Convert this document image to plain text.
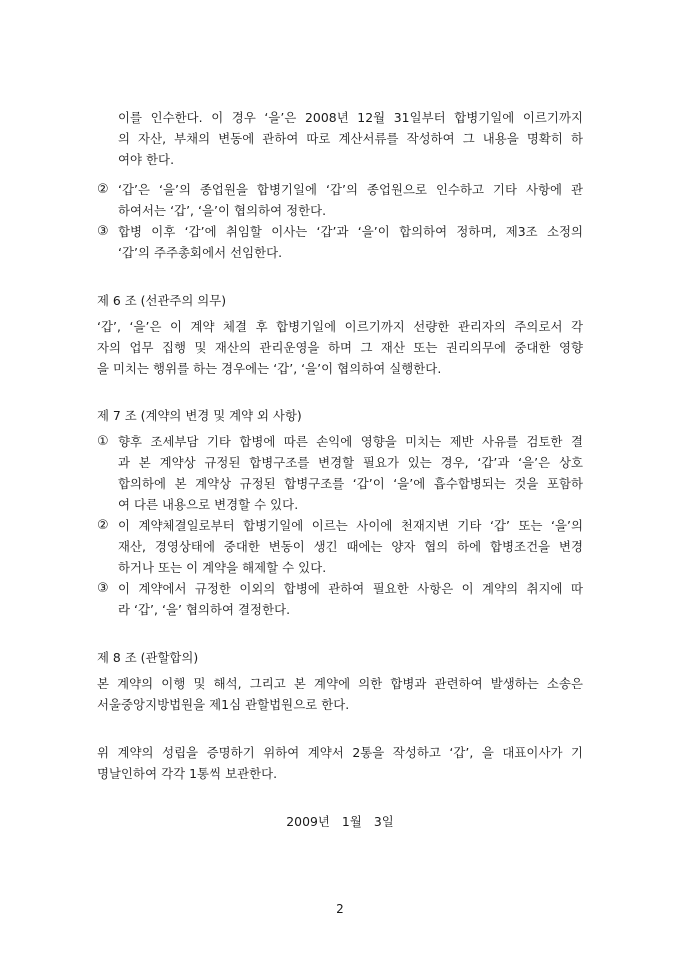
이를 인수한다. 이 경우 ‘을’은 2008년 12월 31일부터 합병기일에 이르기까지
의 자산, 부채의 변동에 관하여 따로 계산서류를 작성하여 그 내용을 명확히 하
여야 한다.
② ‘갑’은 ‘을’의 종업원을 합병기일에 ‘갑’의 종업원으로 인수하고 기타 사항에 관
하여서는 ‘갑’, ‘을’이 협의하여 정한다.
③ 합병 이후 ‘갑’에 취임할 이사는 ‘갑’과 ‘을’이 합의하여 정하며, 제3조 소정의
‘갑’의 주주총회에서 선임한다.
제 6 조 (선관주의 의무)
‘갑’, ‘을’은 이 계약 체결 후 합병기일에 이르기까지 선량한 관리자의 주의로서 각
자의 업무 집행 및 재산의 관리운영을 하며 그 재산 또는 권리의무에 중대한 영향
을 미치는 행위를 하는 경우에는 ‘갑’, ‘을’이 협의하여 실행한다.
제 7 조 (계약의 변경 및 계약 외 사항)
① 향후 조세부담 기타 합병에 따른 손익에 영향을 미치는 제반 사유를 검토한 결
과 본 계약상 규정된 합병구조를 변경할 필요가 있는 경우, ‘갑’과 ‘을’은 상호
합의하에 본 계약상 규정된 합병구조를 ‘갑’이 ‘을’에 흡수합병되는 것을 포함하
여 다른 내용으로 변경할 수 있다.
② 이 계약체결일로부터 합병기일에 이르는 사이에 천재지변 기타 ‘갑’ 또는 ‘을’의
재산, 경영상태에 중대한 변동이 생긴 때에는 양자 협의 하에 합병조건을 변경
하거나 또는 이 계약을 해제할 수 있다.
③ 이 계약에서 규정한 이외의 합병에 관하여 필요한 사항은 이 계약의 취지에 따
라 ‘갑’, ‘을’ 협의하여 결정한다.
제 8 조 (관할합의)
본 계약의 이행 및 해석, 그리고 본 계약에 의한 합병과 관련하여 발생하는 소송은
서울중앙지방법원을 제1심 관할법원으로 한다.
위 계약의 성립을 증명하기 위하여 계약서 2통을 작성하고 ‘갑’, 을 대표이사가 기
명날인하여 각각 1통씩 보관한다.
2009년   1월   3일
2
